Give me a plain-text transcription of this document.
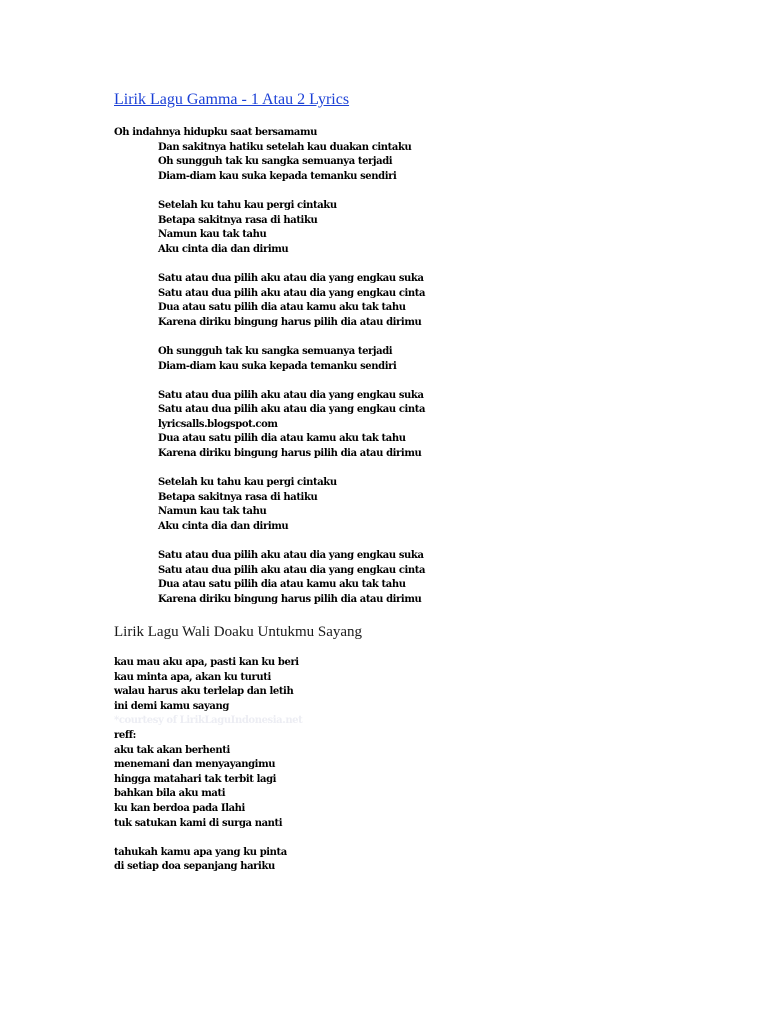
Lirik Lagu Gamma - 1 Atau 2 Lyrics
Oh indahnya hidupku saat bersamamu
Dan sakitnya hatiku setelah kau duakan cintaku
Oh sungguh tak ku sangka semuanya terjadi
Diam-diam kau suka kepada temanku sendiri
Setelah ku tahu kau pergi cintaku
Betapa sakitnya rasa di hatiku
Namun kau tak tahu
Aku cinta dia dan dirimu
Satu atau dua pilih aku atau dia yang engkau suka
Satu atau dua pilih aku atau dia yang engkau cinta
Dua atau satu pilih dia atau kamu aku tak tahu
Karena diriku bingung harus pilih dia atau dirimu
Oh sungguh tak ku sangka semuanya terjadi
Diam-diam kau suka kepada temanku sendiri
Satu atau dua pilih aku atau dia yang engkau suka
Satu atau dua pilih aku atau dia yang engkau cinta
lyricsalls.blogspot.com
Dua atau satu pilih dia atau kamu aku tak tahu
Karena diriku bingung harus pilih dia atau dirimu
Setelah ku tahu kau pergi cintaku
Betapa sakitnya rasa di hatiku
Namun kau tak tahu
Aku cinta dia dan dirimu
Satu atau dua pilih aku atau dia yang engkau suka
Satu atau dua pilih aku atau dia yang engkau cinta
Dua atau satu pilih dia atau kamu aku tak tahu
Karena diriku bingung harus pilih dia atau dirimu
Lirik Lagu Wali Doaku Untukmu Sayang
kau mau aku apa, pasti kan ku beri
kau minta apa, akan ku turuti
walau harus aku terlelap dan letih
ini demi kamu sayang
*courtesy of LirikLaguIndonesia.net
reff:
aku tak akan berhenti
menemani dan menyayangimu
hingga matahari tak terbit lagi
bahkan bila aku mati
ku kan berdoa pada Ilahi
tuk satukan kami di surga nanti
tahukah kamu apa yang ku pinta
di setiap doa sepanjang hariku
